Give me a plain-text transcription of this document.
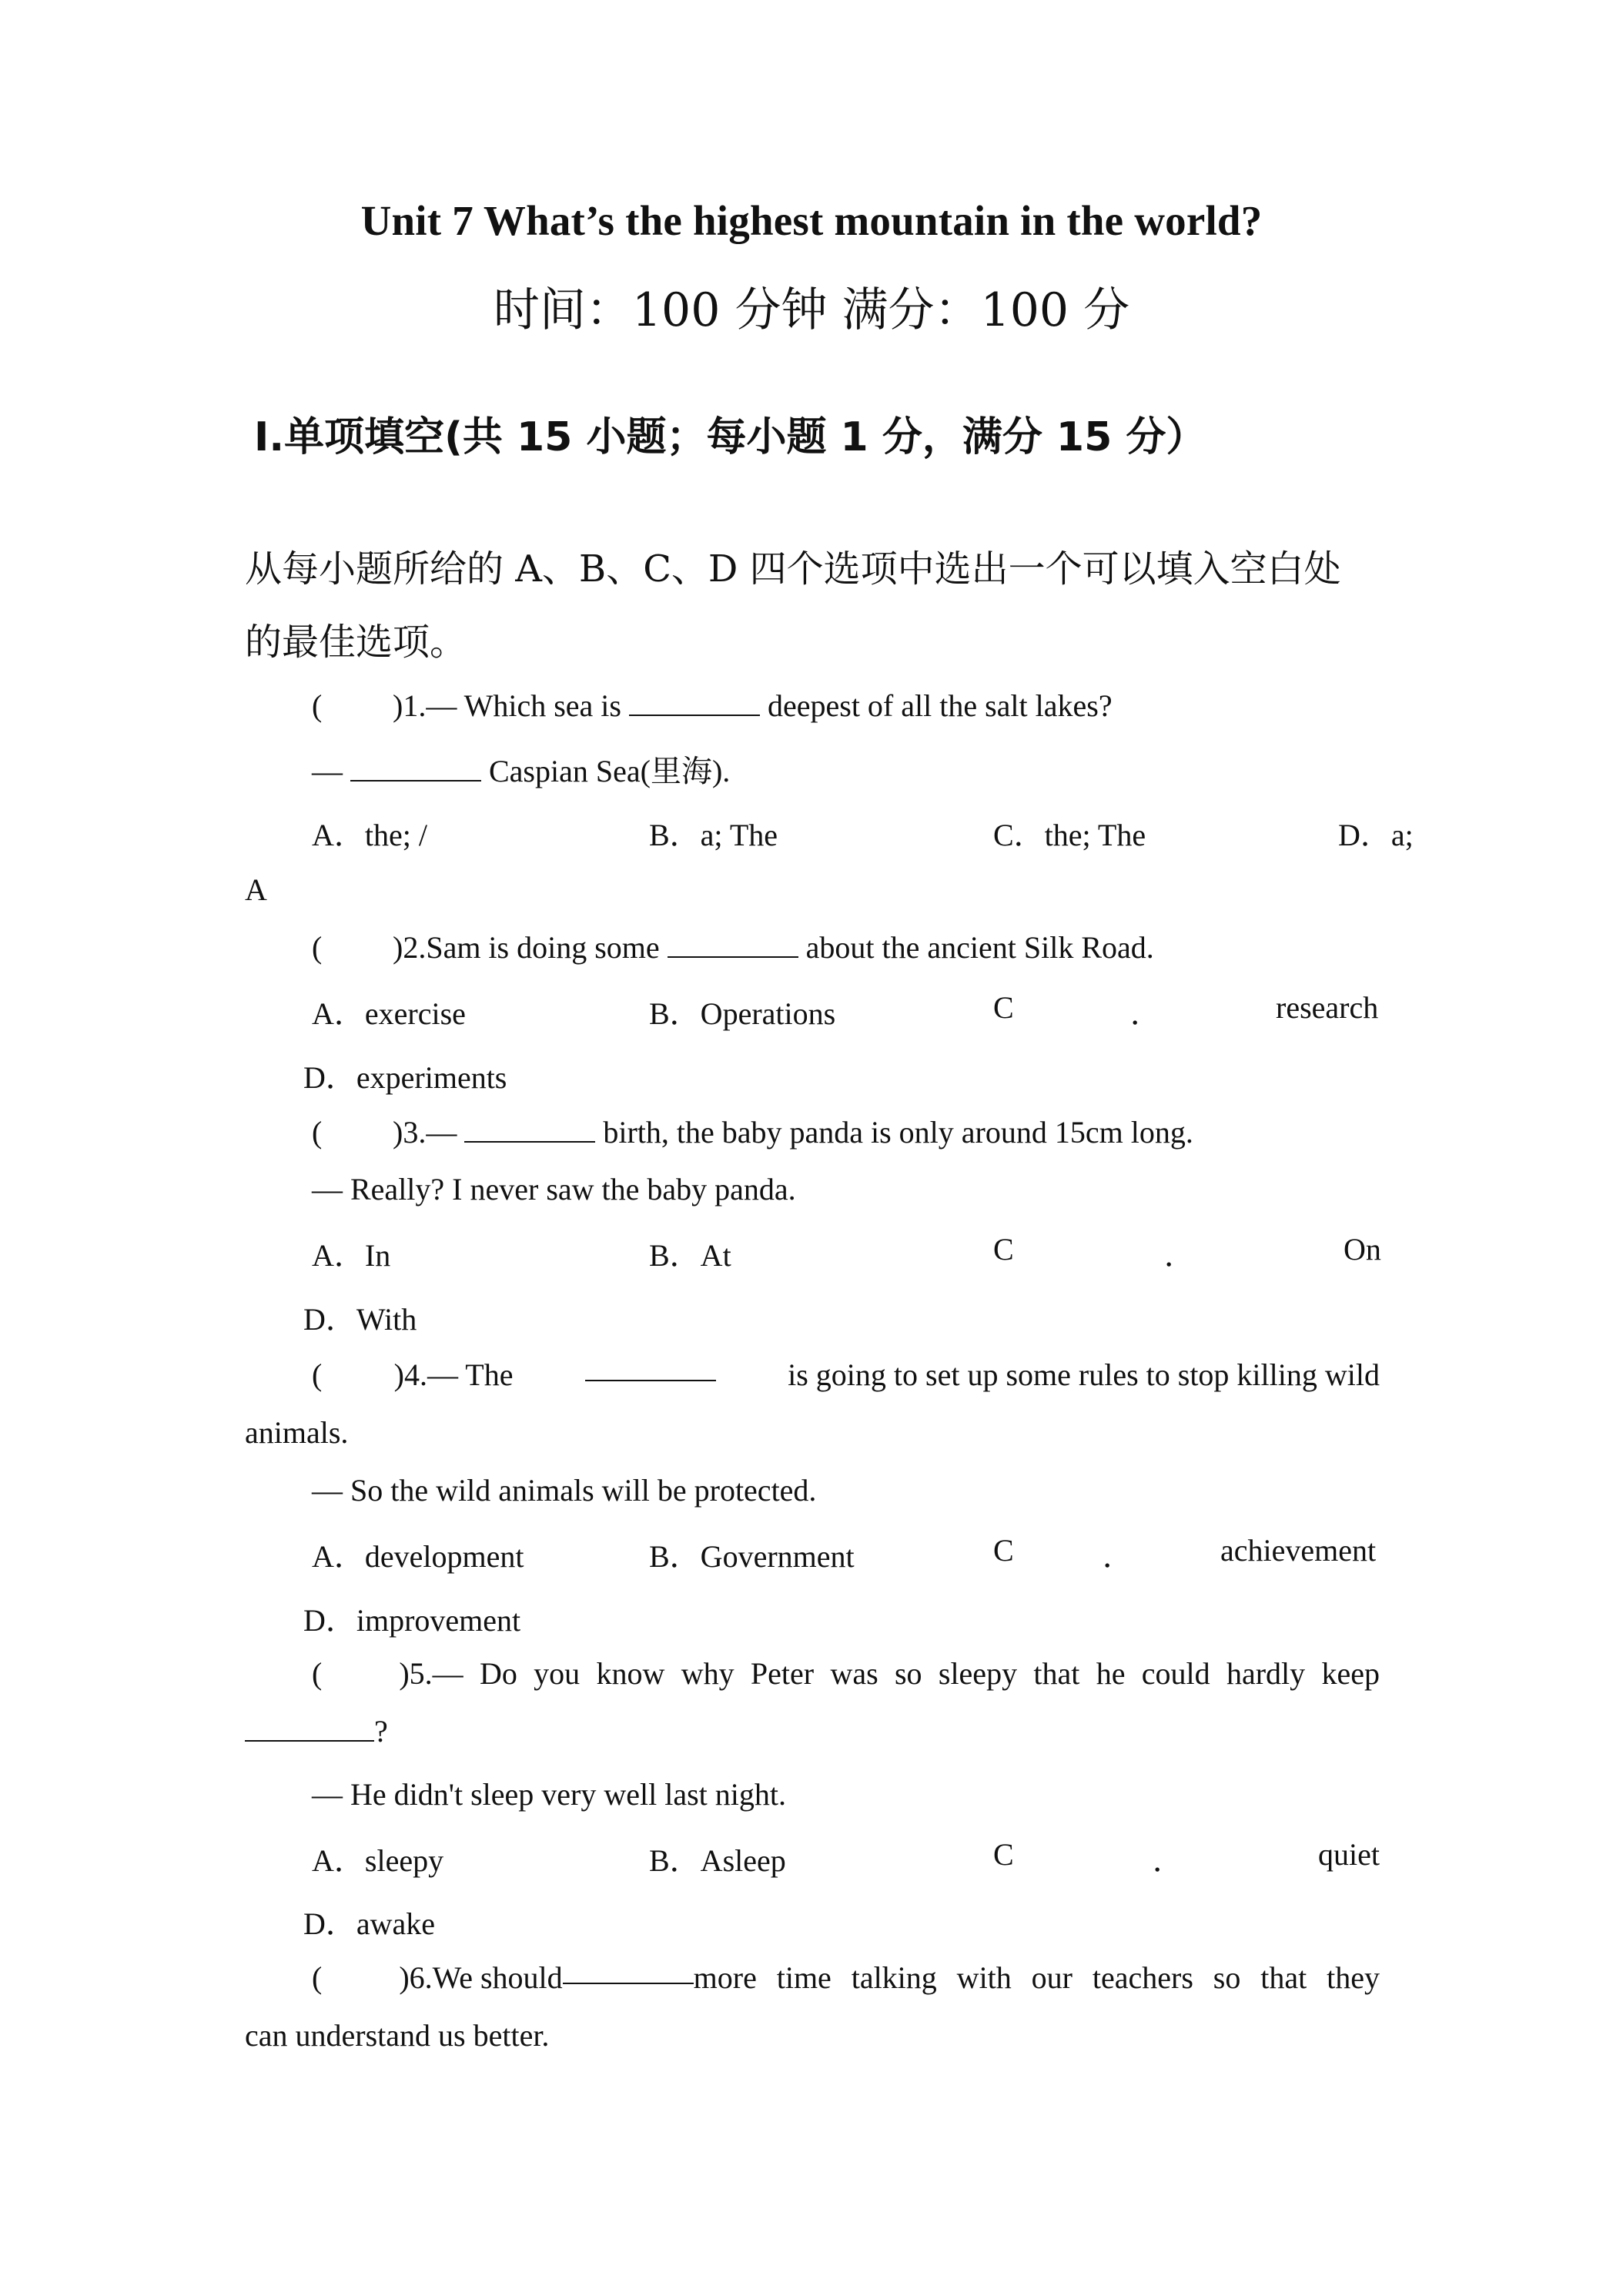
Unit 7 What’s the highest mountain in the world?
时间：100 分钟 满分：100 分
Ⅰ.单项填空(共 15 小题；每小题 1 分，满分 15 分）
从每小题所给的 A、B、C、D 四个选项中选出一个可以填入空白处
的最佳选项。
( )1.— Which sea is	deepest of all the salt lakes?
—	Caspian Sea(里海).
A．the; /	B．a; The	C．the; The	D．a;
A
( )2.Sam is doing some	about the ancient Silk Road.
A．exercise	B．Operations	C	．	research
D．experiments
( )3.—	birth, the baby panda is only around 15cm long.
— Really? I never saw the baby panda.
A．In	B．At	C	．	On
D．With
( )4.— The	is going to set up some rules to stop killing wild
animals.
— So the wild animals will be protected.
A．development	B．Government	C	．	achievement
D．improvement
(	)5.— Do you know why Peter was so sleepy that he could hardly keep
?
— He didn't sleep very well last night.
A．sleepy	B．Asleep	C	．	quiet
D．awake
(	)6.We should	more time talking with our teachers so that they
can understand us better.
